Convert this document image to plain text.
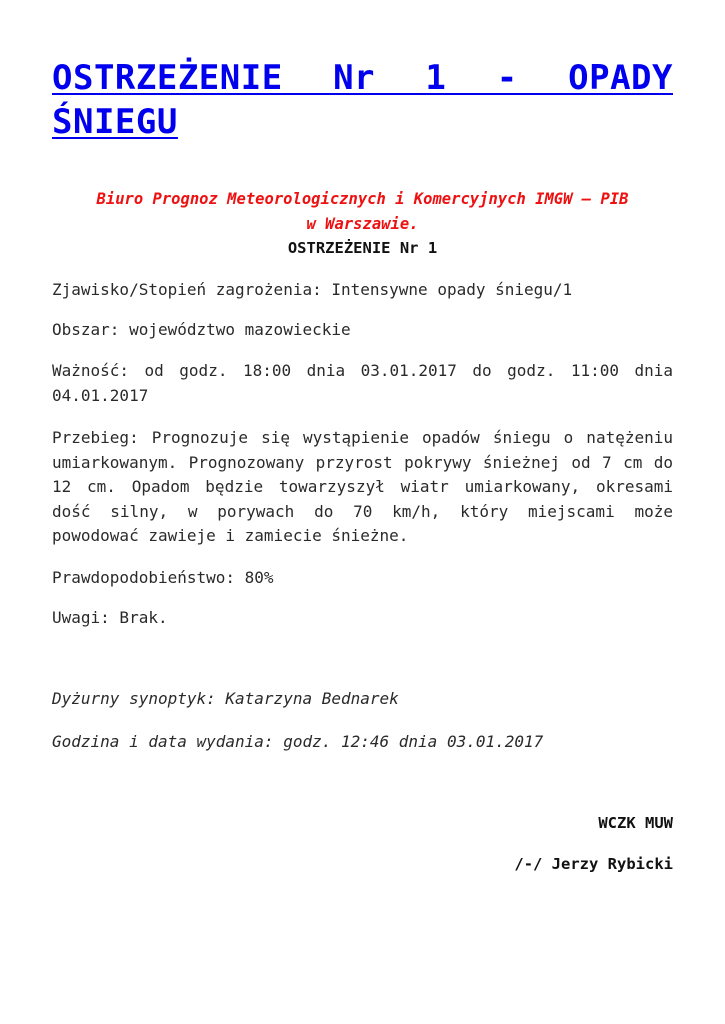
OSTRZEŻENIE Nr 1 - OPADY ŚNIEGU
Biuro Prognoz Meteorologicznych i Komercyjnych IMGW – PIB
w Warszawie.
OSTRZEŻENIE Nr 1

Zjawisko/Stopień zagrożenia: Intensywne opady śniegu/1

Obszar: województwo mazowieckie

Ważność: od godz. 18:00 dnia 03.01.2017 do godz. 11:00 dnia 04.01.2017

Przebieg: Prognozuje się wystąpienie opadów śniegu o natężeniu umiarkowanym. Prognozowany przyrost pokrywy śnieżnej od 7 cm do 12 cm. Opadom będzie towarzyszył wiatr umiarkowany, okresami dość silny, w porywach do 70 km/h, który miejscami może powodować zawieje i zamiecie śnieżne.

Prawdopodobieństwo: 80%

Uwagi: Brak.

Dyżurny synoptyk: Katarzyna Bednarek

Godzina i data wydania: godz. 12:46 dnia 03.01.2017

WCZK MUW

/-/ Jerzy Rybicki
